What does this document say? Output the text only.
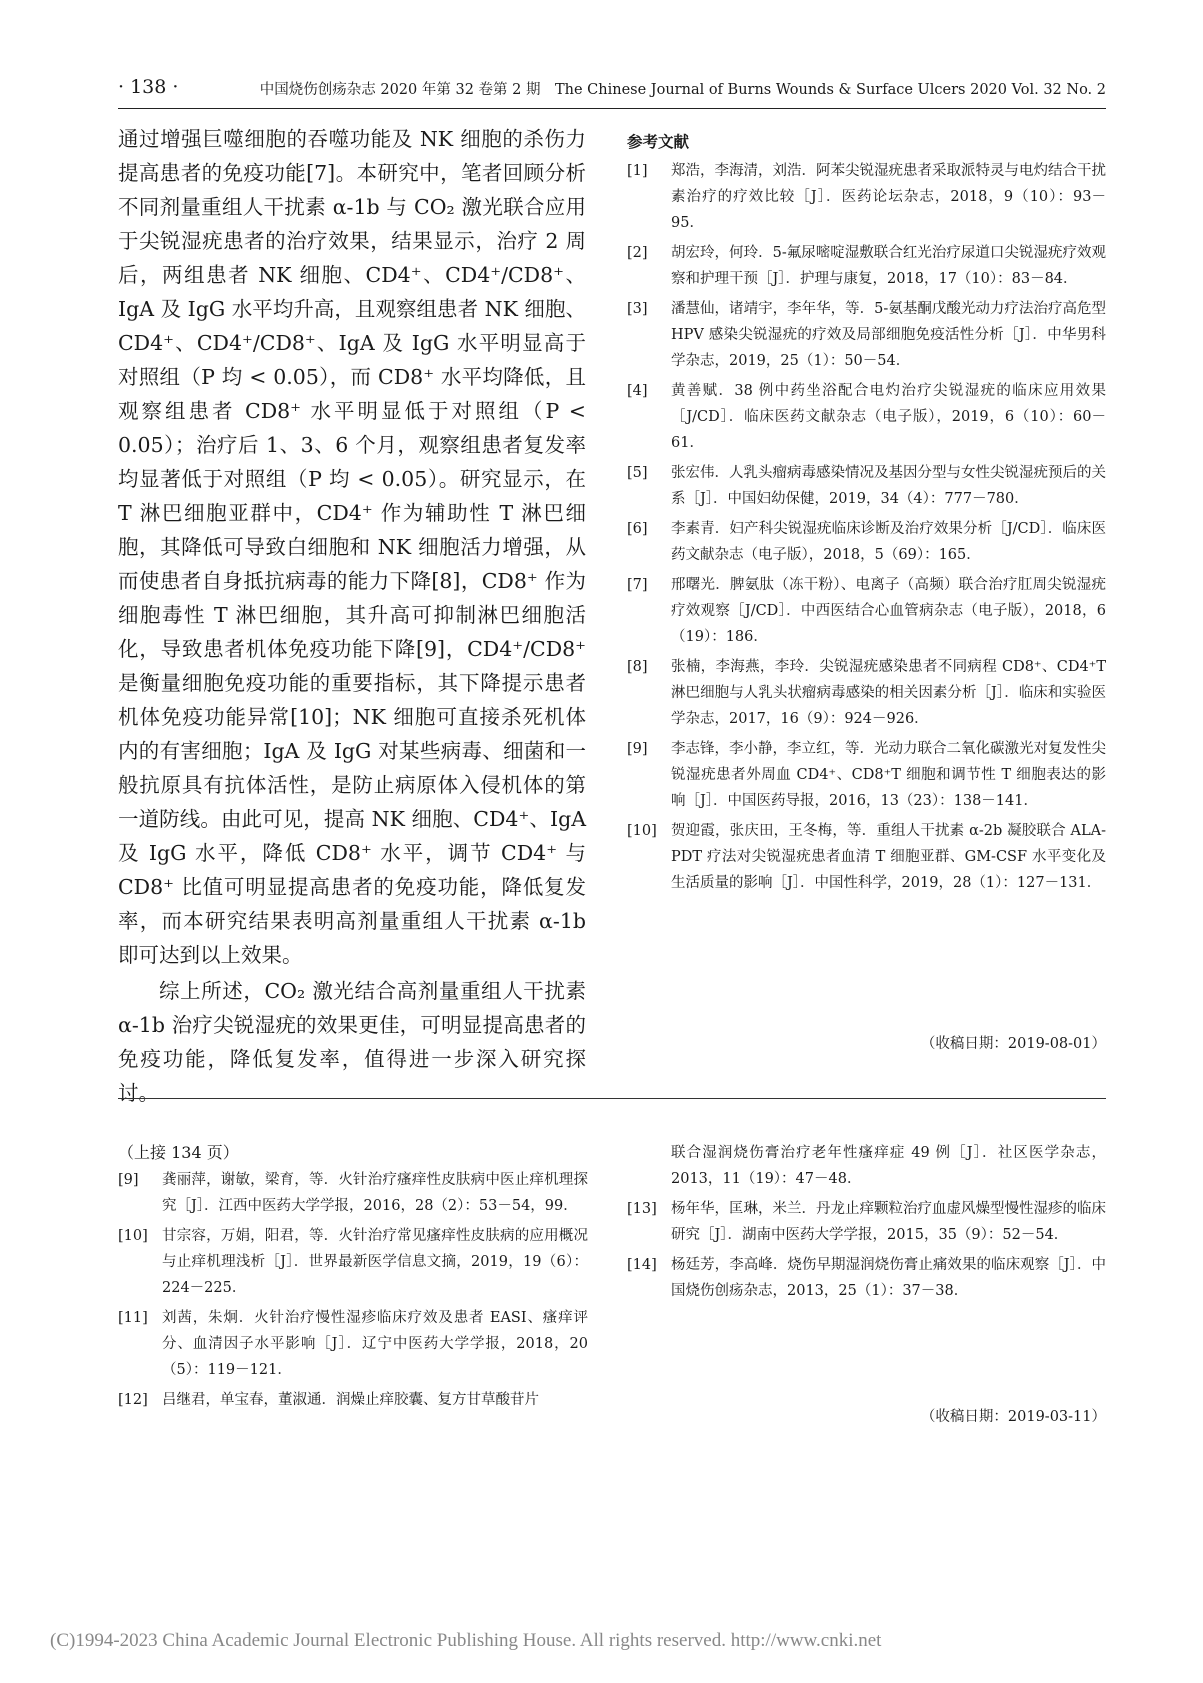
· 138 ·	中国烧伤创疡杂志 2020 年第 32 卷第 2 期　The Chinese Journal of Burns Wounds & Surface Ulcers 2020 Vol. 32 No. 2

通过增强巨噬细胞的吞噬功能及 NK 细胞的杀伤力提高患者的免疫功能[7]。本研究中，笔者回顾分析不同剂量重组人干扰素 α-1b 与 CO₂ 激光联合应用于尖锐湿疣患者的治疗效果，结果显示，治疗 2 周后，两组患者 NK 细胞、CD4⁺、CD4⁺/CD8⁺、IgA 及 IgG 水平均升高，且观察组患者 NK 细胞、CD4⁺、CD4⁺/CD8⁺、IgA 及 IgG 水平明显高于对照组（P 均 < 0.05），而 CD8⁺ 水平均降低，且观察组患者 CD8⁺ 水平明显低于对照组（P < 0.05）；治疗后 1、3、6 个月，观察组患者复发率均显著低于对照组（P 均 < 0.05）。研究显示，在 T 淋巴细胞亚群中，CD4⁺ 作为辅助性 T 淋巴细胞，其降低可导致白细胞和 NK 细胞活力增强，从而使患者自身抵抗病毒的能力下降[8]，CD8⁺ 作为细胞毒性 T 淋巴细胞，其升高可抑制淋巴细胞活化，导致患者机体免疫功能下降[9]，CD4⁺/CD8⁺ 是衡量细胞免疫功能的重要指标，其下降提示患者机体免疫功能异常[10]；NK 细胞可直接杀死机体内的有害细胞；IgA 及 IgG 对某些病毒、细菌和一般抗原具有抗体活性，是防止病原体入侵机体的第一道防线。由此可见，提高 NK 细胞、CD4⁺、IgA 及 IgG 水平，降低 CD8⁺ 水平，调节 CD4⁺ 与 CD8⁺ 比值可明显提高患者的免疫功能，降低复发率，而本研究结果表明高剂量重组人干扰素 α-1b 即可达到以上效果。

综上所述，CO₂ 激光结合高剂量重组人干扰素 α-1b 治疗尖锐湿疣的效果更佳，可明显提高患者的免疫功能，降低复发率，值得进一步深入研究探讨。

参考文献
[1] 郑浩，李海清，刘浩．阿苯尖锐湿疣患者采取派特灵与电灼结合干扰素治疗的疗效比较［J］．医药论坛杂志，2018，9（10）：93－95．
[2] 胡宏玲，何玲．5-氟尿嘧啶湿敷联合红光治疗尿道口尖锐湿疣疗效观察和护理干预［J］．护理与康复，2018，17（10）：83－84．
[3] 潘慧仙，诸靖宇，李年华，等．5-氨基酮戊酸光动力疗法治疗高危型 HPV 感染尖锐湿疣的疗效及局部细胞免疫活性分析［J］．中华男科学杂志，2019，25（1）：50－54．
[4] 黄善赋．38 例中药坐浴配合电灼治疗尖锐湿疣的临床应用效果［J/CD］．临床医药文献杂志（电子版），2019，6（10）：60－61．
[5] 张宏伟．人乳头瘤病毒感染情况及基因分型与女性尖锐湿疣预后的关系［J］．中国妇幼保健，2019，34（4）：777－780．
[6] 李素青．妇产科尖锐湿疣临床诊断及治疗效果分析［J/CD］．临床医药文献杂志（电子版），2018，5（69）：165．
[7] 邢曙光．脾氨肽（冻干粉）、电离子（高频）联合治疗肛周尖锐湿疣疗效观察［J/CD］．中西医结合心血管病杂志（电子版），2018，6（19）：186．
[8] 张楠，李海燕，李玲．尖锐湿疣感染患者不同病程 CD8⁺、CD4⁺T 淋巴细胞与人乳头状瘤病毒感染的相关因素分析［J］．临床和实验医学杂志，2017，16（9）：924－926．
[9] 李志锋，李小静，李立红，等．光动力联合二氧化碳激光对复发性尖锐湿疣患者外周血 CD4⁺、CD8⁺T 细胞和调节性 T 细胞表达的影响［J］．中国医药导报，2016，13（23）：138－141．
[10] 贺迎霞，张庆田，王冬梅，等．重组人干扰素 α-2b 凝胶联合 ALA-PDT 疗法对尖锐湿疣患者血清 T 细胞亚群、GM-CSF 水平变化及生活质量的影响［J］．中国性科学，2019，28（1）：127－131．
（收稿日期：2019-08-01）
（上接 134 页）
[9] 龚丽萍，谢敏，梁育，等．火针治疗瘙痒性皮肤病中医止痒机理探究［J］．江西中医药大学学报，2016，28（2）：53－54，99．
[10] 甘宗容，万娟，阳君，等．火针治疗常见瘙痒性皮肤病的应用概况与止痒机理浅析［J］．世界最新医学信息文摘，2019，19（6）：224－225．
[11] 刘茜，朱炯．火针治疗慢性湿疹临床疗效及患者 EASI、瘙痒评分、血清因子水平影响［J］．辽宁中医药大学学报，2018，20（5）：119－121．
[12] 吕继君，单宝春，董淑通．润燥止痒胶囊、复方甘草酸苷片
联合湿润烧伤膏治疗老年性瘙痒症 49 例［J］．社区医学杂志，2013，11（19）：47－48．
[13] 杨年华，匡琳，米兰．丹龙止痒颗粒治疗血虚风燥型慢性湿疹的临床研究［J］．湖南中医药大学学报，2015，35（9）：52－54．
[14] 杨廷芳，李高峰．烧伤早期湿润烧伤膏止痛效果的临床观察［J］．中国烧伤创疡杂志，2013，25（1）：37－38．
（收稿日期：2019-03-11）
(C)1994-2023 China Academic Journal Electronic Publishing House. All rights reserved. http://www.cnki.net
